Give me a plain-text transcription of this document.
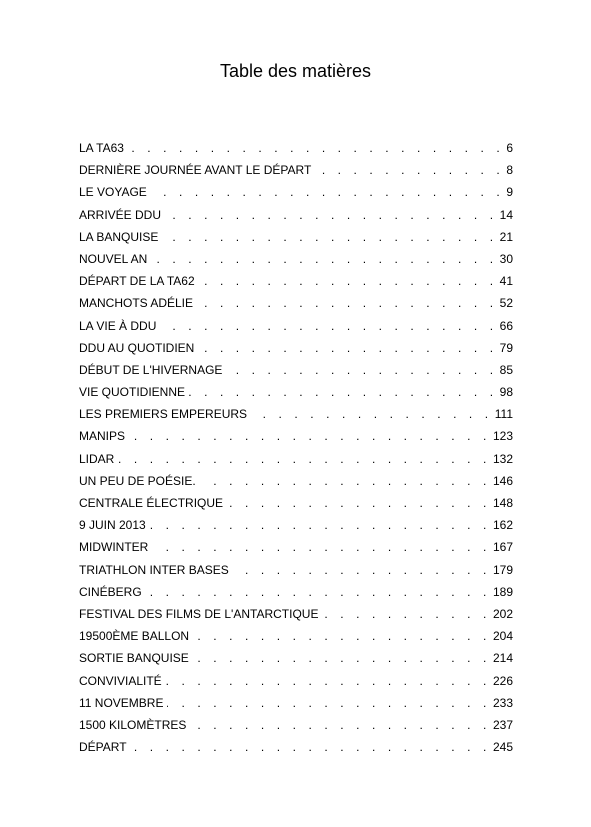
Table des matières
LA TA63 . . .	6
DERNIÈRE JOURNÉE AVANT LE DÉPART . . .	8
LE VOYAGE . . .	9
ARRIVÉE DDU . . .	14
LA BANQUISE . . .	21
NOUVEL AN . . .	30
DÉPART DE LA TA62 . . .	41
MANCHOTS ADÉLIE . . .	52
LA VIE À DDU . . .	66
DDU AU QUOTIDIEN . . .	79
DÉBUT DE L'HIVERNAGE . . .	85
VIE QUOTIDIENNE . . .	98
LES PREMIERS EMPEREURS . . .	111
MANIPS . . .	123
LIDAR . . .	132
UN PEU DE POÉSIE. . . .	146
CENTRALE ÉLECTRIQUE . . .	148
9 JUIN 2013 . . .	162
MIDWINTER . . .	167
TRIATHLON INTER BASES . . .	179
CINÉBERG . . .	189
FESTIVAL DES FILMS DE L'ANTARCTIQUE . . .	202
19500ÈME BALLON . . .	204
SORTIE BANQUISE . . .	214
CONVIVIALITÉ . . .	226
11 NOVEMBRE . . .	233
1500 KILOMÈTRES . . .	237
DÉPART . . .	245
